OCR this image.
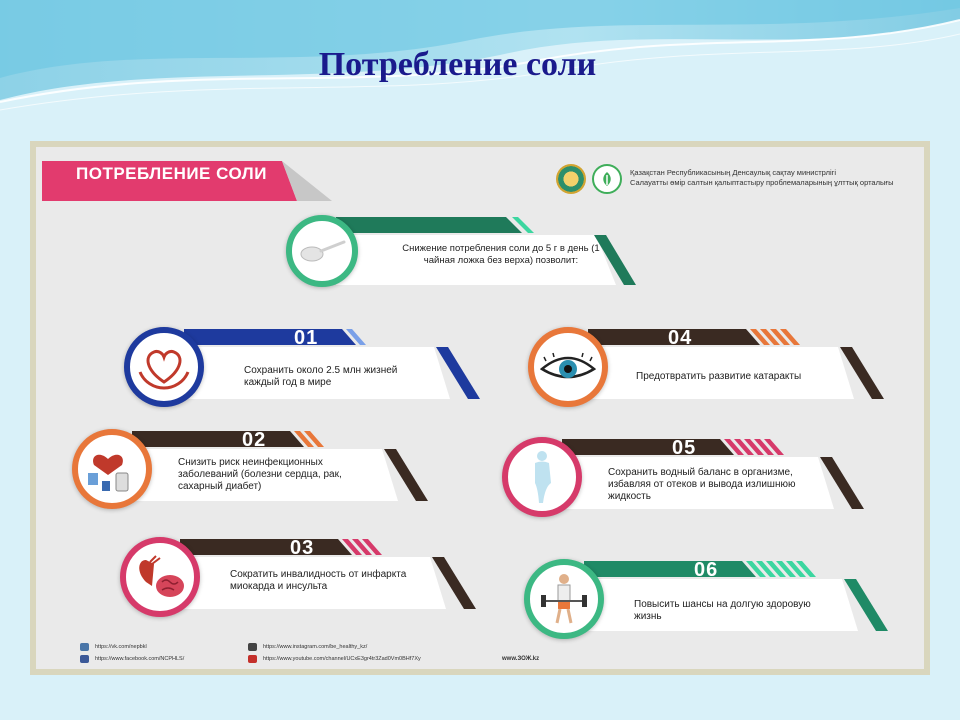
Потребление соли
ПОТРЕБЛЕНИЕ СОЛИ	Қазақстан Республикасының Денсаулық сақтау министрлігі
Салауатты өмір салтын қалыптастыру проблемаларының ұлттық орталығы
Снижение потребления соли до 5 г в день (1 чайная ложка без верха) позволит:
01
Сохранить около 2.5 млн жизней каждый год в мире
02
Снизить риск неинфекционных заболеваний (болезни сердца, рак, сахарный диабет)
03
Сократить инвалидность от инфаркта миокарда и инсульта
04
Предотвратить развитие катаракты
05
Сохранить водный баланс в организме, избавляя от отеков и вывода излишнюю жидкость
06
Повысить шансы на долгую здоровую жизнь
https://vk.com/nepbkl
https://www.facebook.com/NCPHLS/
https://www.instagram.com/be_healthy_kz/
https://www.youtube.com/channel/UCxE3gr4tr3Zad0Vm0BHf7Xy	www.ЗОЖ.kz
